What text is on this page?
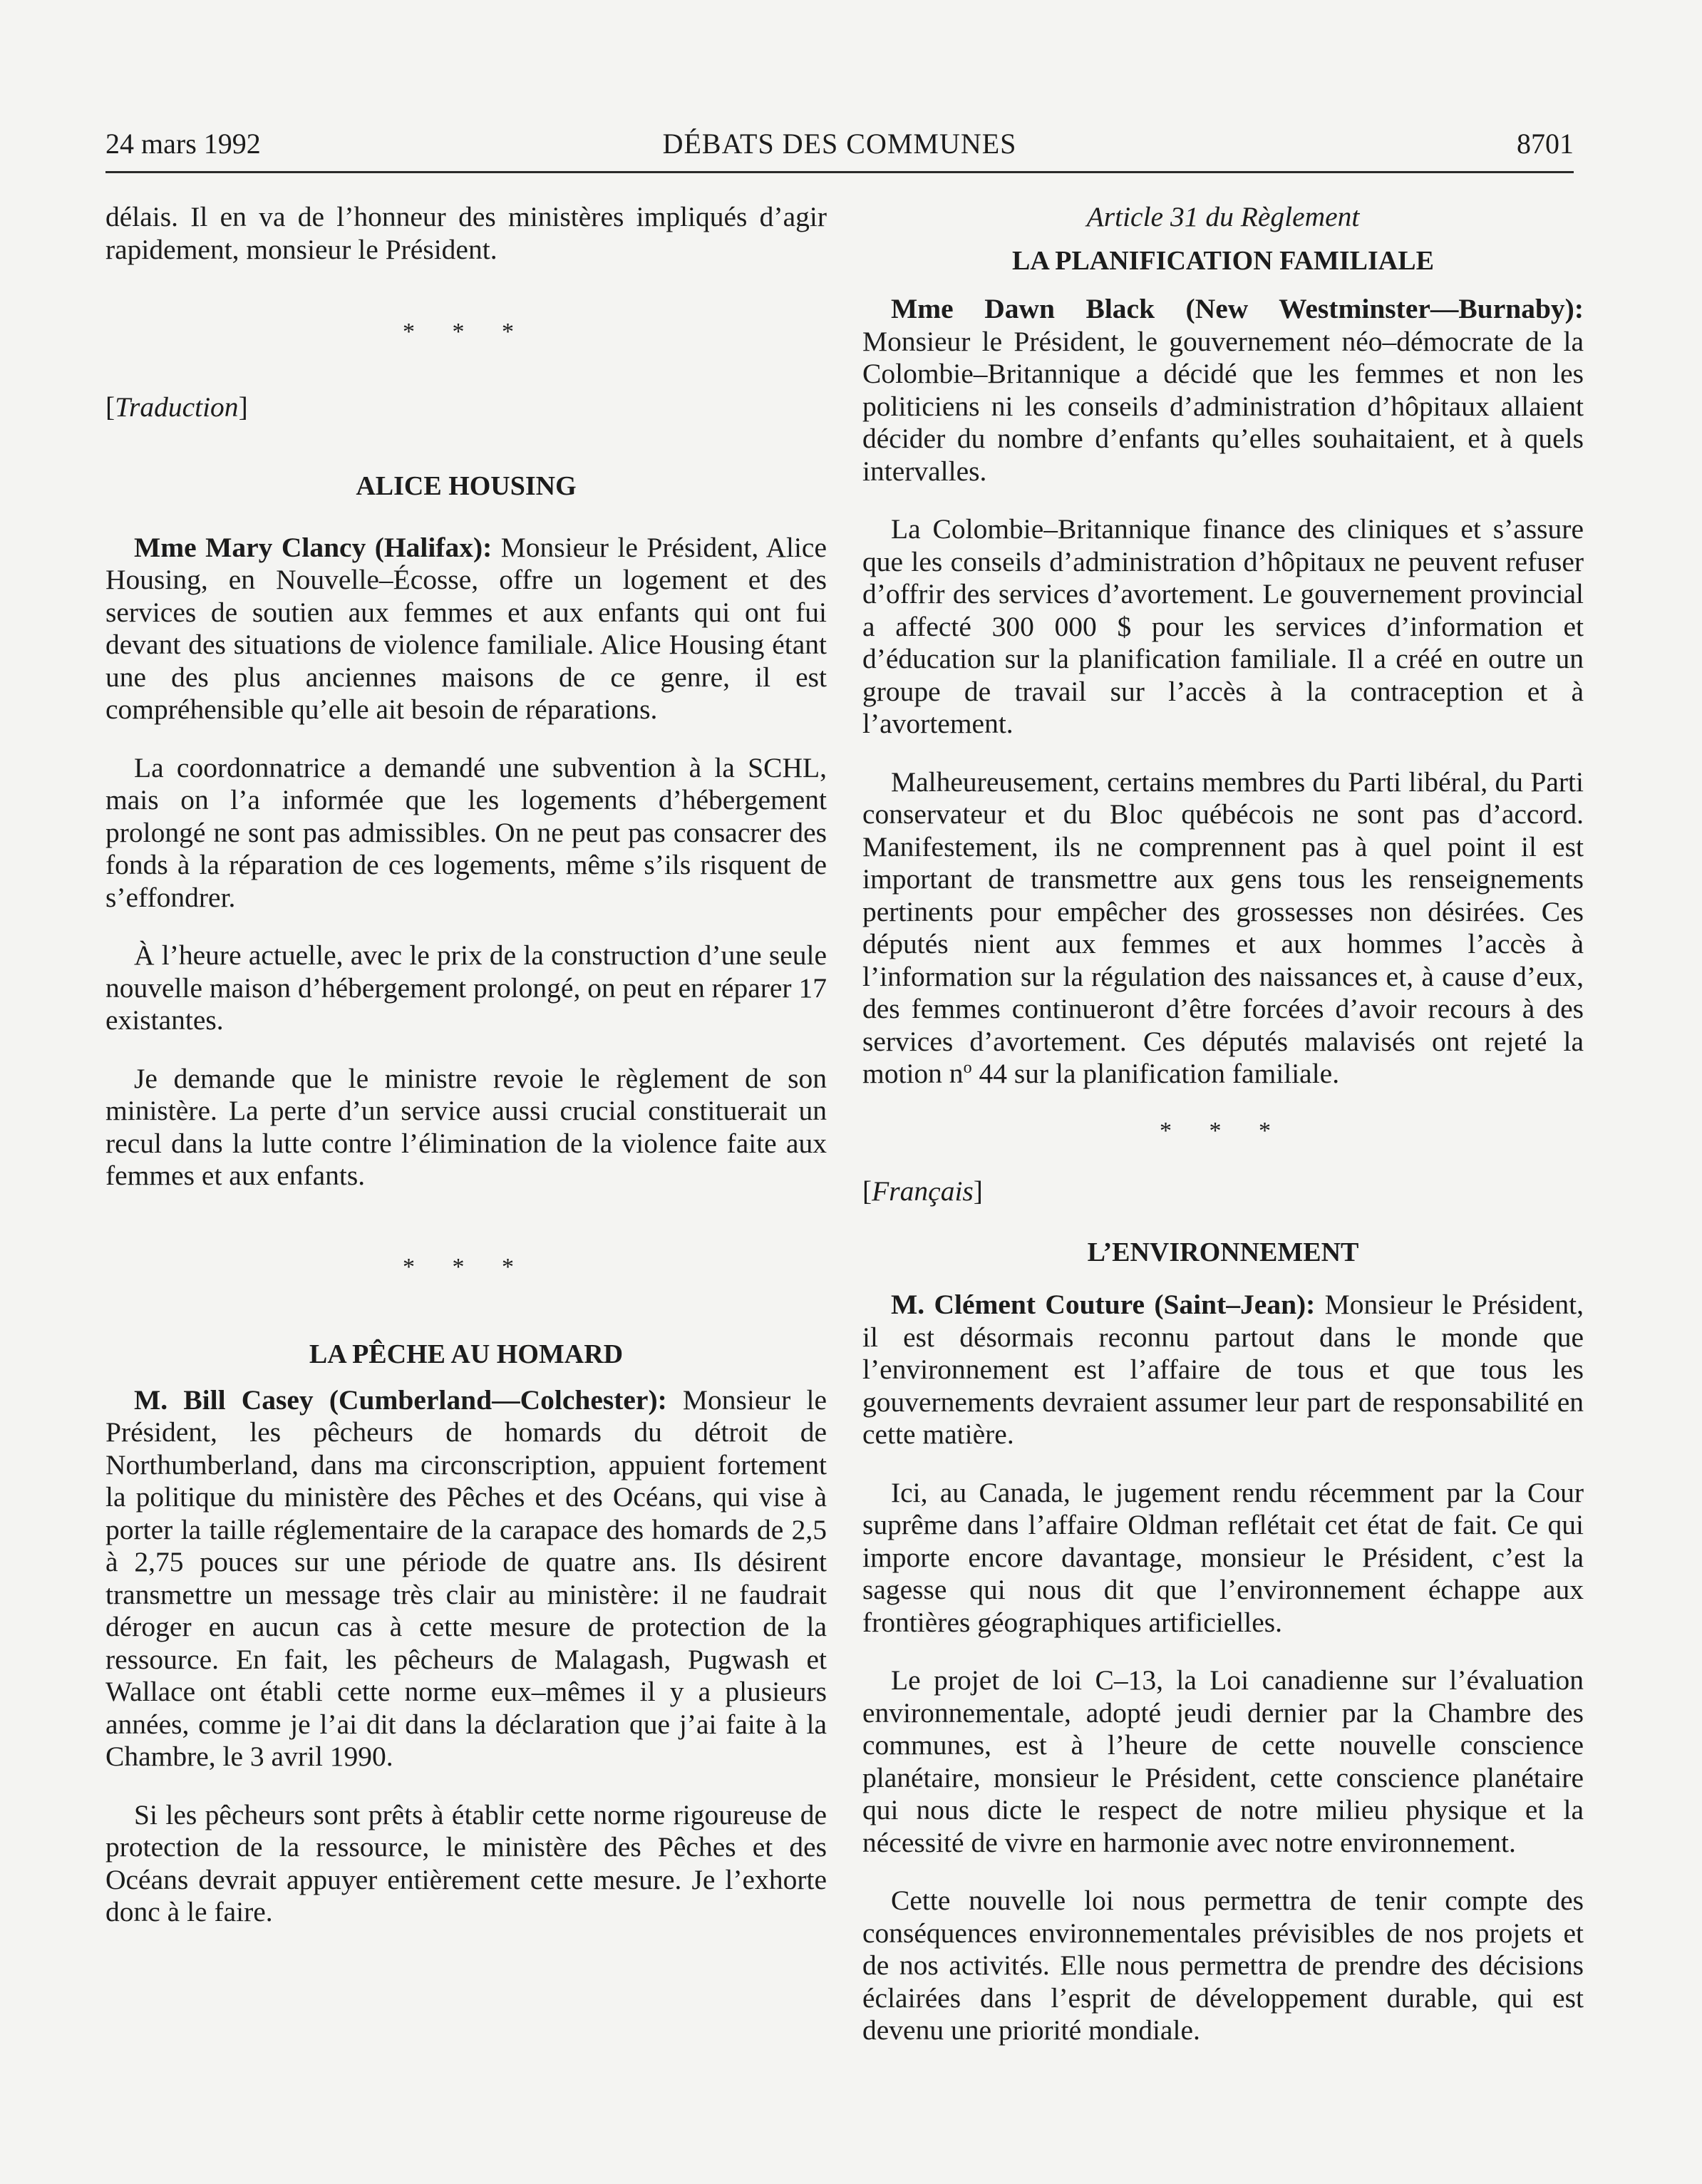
24 mars 1992	DÉBATS DES COMMUNES	8701

délais. Il en va de l’honneur des ministères impliqués d’agir rapidement, monsieur le Président.

* * *

[Traduction]

ALICE HOUSING

Mme Mary Clancy (Halifax): Monsieur le Président, Alice Housing, en Nouvelle–Écosse, offre un logement et des services de soutien aux femmes et aux enfants qui ont fui devant des situations de violence familiale. Alice Housing étant une des plus anciennes maisons de ce genre, il est compréhensible qu’elle ait besoin de réparations.

La coordonnatrice a demandé une subvention à la SCHL, mais on l’a informée que les logements d’hébergement prolongé ne sont pas admissibles. On ne peut pas consacrer des fonds à la réparation de ces logements, même s’ils risquent de s’effondrer.

À l’heure actuelle, avec le prix de la construction d’une seule nouvelle maison d’hébergement prolongé, on peut en réparer 17 existantes.

Je demande que le ministre revoie le règlement de son ministère. La perte d’un service aussi crucial constituerait un recul dans la lutte contre l’élimination de la violence faite aux femmes et aux enfants.

* * *

LA PÊCHE AU HOMARD

M. Bill Casey (Cumberland—Colchester): Monsieur le Président, les pêcheurs de homards du détroit de Northumberland, dans ma circonscription, appuient fortement la politique du ministère des Pêches et des Océans, qui vise à porter la taille réglementaire de la carapace des homards de 2,5 à 2,75 pouces sur une période de quatre ans. Ils désirent transmettre un message très clair au ministère: il ne faudrait déroger en aucun cas à cette mesure de protection de la ressource. En fait, les pêcheurs de Malagash, Pugwash et Wallace ont établi cette norme eux–mêmes il y a plusieurs années, comme je l’ai dit dans la déclaration que j’ai faite à la Chambre, le 3 avril 1990.

Si les pêcheurs sont prêts à établir cette norme rigoureuse de protection de la ressource, le ministère des Pêches et des Océans devrait appuyer entièrement cette mesure. Je l’exhorte donc à le faire.

Article 31 du Règlement

LA PLANIFICATION FAMILIALE

Mme Dawn Black (New Westminster—Burnaby): Monsieur le Président, le gouvernement néo–démocrate de la Colombie–Britannique a décidé que les femmes et non les politiciens ni les conseils d’administration d’hôpitaux allaient décider du nombre d’enfants qu’elles souhaitaient, et à quels intervalles.

La Colombie–Britannique finance des cliniques et s’assure que les conseils d’administration d’hôpitaux ne peuvent refuser d’offrir des services d’avortement. Le gouvernement provincial a affecté 300 000 $ pour les services d’information et d’éducation sur la planification familiale. Il a créé en outre un groupe de travail sur l’accès à la contraception et à l’avortement.

Malheureusement, certains membres du Parti libéral, du Parti conservateur et du Bloc québécois ne sont pas d’accord. Manifestement, ils ne comprennent pas à quel point il est important de transmettre aux gens tous les renseignements pertinents pour empêcher des grossesses non désirées. Ces députés nient aux femmes et aux hommes l’accès à l’information sur la régulation des naissances et, à cause d’eux, des femmes continueront d’être forcées d’avoir recours à des services d’avortement. Ces députés malavisés ont rejeté la motion $n^o$ 44 sur la planification familiale.

* * *

[Français]

L’ENVIRONNEMENT

M. Clément Couture (Saint–Jean): Monsieur le Président, il est désormais reconnu partout dans le monde que l’environnement est l’affaire de tous et que tous les gouvernements devraient assumer leur part de responsabilité en cette matière.

Ici, au Canada, le jugement rendu récemment par la Cour suprême dans l’affaire Oldman reflétait cet état de fait. Ce qui importe encore davantage, monsieur le Président, c’est la sagesse qui nous dit que l’environnement échappe aux frontières géographiques artificielles.

Le projet de loi C–13, la Loi canadienne sur l’évaluation environnementale, adopté jeudi dernier par la Chambre des communes, est à l’heure de cette nouvelle conscience planétaire, monsieur le Président, cette conscience planétaire qui nous dicte le respect de notre milieu physique et la nécessité de vivre en harmonie avec notre environnement.

Cette nouvelle loi nous permettra de tenir compte des conséquences environnementales prévisibles de nos projets et de nos activités. Elle nous permettra de prendre des décisions éclairées dans l’esprit de développement durable, qui est devenu une priorité mondiale.
